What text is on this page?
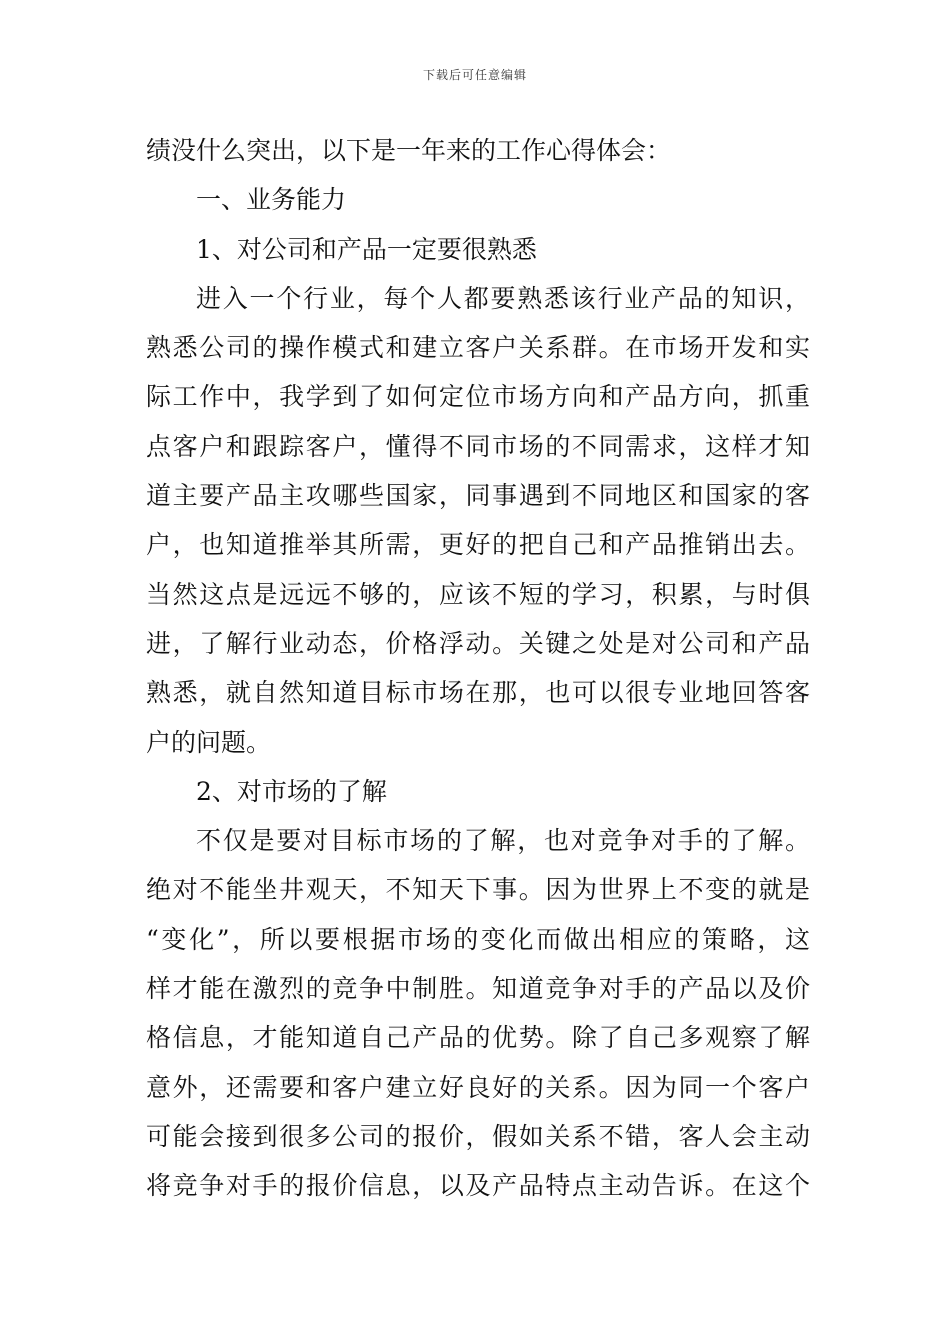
下载后可任意编辑
绩没什么突出，以下是一年来的工作心得体会：
一、业务能力
1、对公司和产品一定要很熟悉
进入一个行业，每个人都要熟悉该行业产品的知识，
熟悉公司的操作模式和建立客户关系群。在市场开发和实
际工作中，我学到了如何定位市场方向和产品方向，抓重
点客户和跟踪客户，懂得不同市场的不同需求，这样才知
道主要产品主攻哪些国家，同事遇到不同地区和国家的客
户，也知道推举其所需，更好的把自己和产品推销出去。
当然这点是远远不够的，应该不短的学习，积累，与时俱
进，了解行业动态，价格浮动。关键之处是对公司和产品
熟悉，就自然知道目标市场在那，也可以很专业地回答客
户的问题。
2、对市场的了解
不仅是要对目标市场的了解，也对竞争对手的了解。
绝对不能坐井观天，不知天下事。因为世界上不变的就是
“变化”，所以要根据市场的变化而做出相应的策略，这
样才能在激烈的竞争中制胜。知道竞争对手的产品以及价
格信息，才能知道自己产品的优势。除了自己多观察了解
意外，还需要和客户建立好良好的关系。因为同一个客户
可能会接到很多公司的报价，假如关系不错，客人会主动
将竞争对手的报价信息，以及产品特点主动告诉。在这个
